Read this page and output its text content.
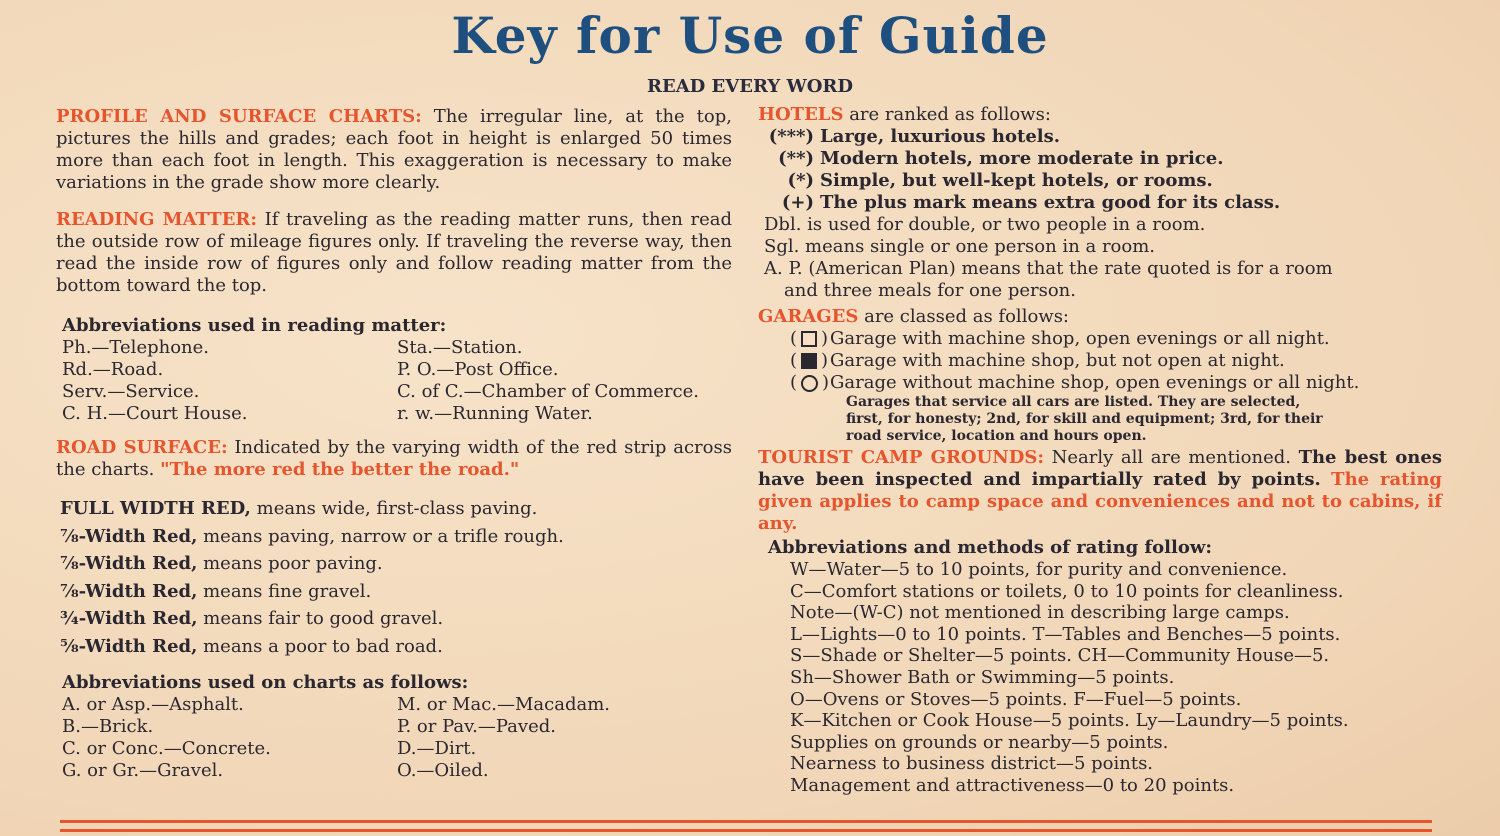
Key for Use of Guide
READ EVERY WORD

PROFILE AND SURFACE CHARTS: The irregular line, at the top, pictures the hills and grades; each foot in height is enlarged 50 times more than each foot in length. This exaggeration is necessary to make variations in the grade show more clearly.

READING MATTER: If traveling as the reading matter runs, then read the outside row of mileage figures only. If traveling the reverse way, then read the inside row of figures only and follow reading matter from the bottom toward the top.

Abbreviations used in reading matter:

Ph.—Telephone.	Sta.—Station.
Rd.—Road.	P. O.—Post Office.
Serv.—Service.	C. of C.—Chamber of Commerce.
C. H.—Court House.	r. w.—Running Water.

ROAD SURFACE: Indicated by the varying width of the red strip across the charts. "The more red the better the road."

FULL WIDTH RED, means wide, first-class paving.

⅞-Width Red, means paving, narrow or a trifle rough.

⅞-Width Red, means poor paving.

⅞-Width Red, means fine gravel.

¾-Width Red, means fair to good gravel.

⅝-Width Red, means a poor to bad road.

Abbreviations used on charts as follows:

A. or Asp.—Asphalt.	M. or Mac.—Macadam.
B.—Brick.	P. or Pav.—Paved.
C. or Conc.—Concrete.	D.—Dirt.
G. or Gr.—Gravel.	O.—Oiled.

HOTELS are ranked as follows:

(***) Large, luxurious hotels.
(**) Modern hotels, more moderate in price.
(*) Simple, but well-kept hotels, or rooms.
(+) The plus mark means extra good for its class.

Dbl. is used for double, or two people in a room.

Sgl. means single or one person in a room.

A. P. (American Plan) means that the rate quoted is for a room

and three meals for one person.

GARAGES are classed as follows:

( ) Garage with machine shop, open evenings or all night.
( ) Garage with machine shop, but not open at night.
( ) Garage without machine shop, open evenings or all night.
Garages that service all cars are listed. They are selected,
first, for honesty; 2nd, for skill and equipment; 3rd, for their
road service, location and hours open.

TOURIST CAMP GROUNDS: Nearly all are mentioned. The best ones have been inspected and impartially rated by points. The rating given applies to camp space and conveniences and not to cabins, if any.

Abbreviations and methods of rating follow:

W—Water—5 to 10 points, for purity and convenience.
C—Comfort stations or toilets, 0 to 10 points for cleanliness.
Note—(W-C) not mentioned in describing large camps.
L—Lights—0 to 10 points. T—Tables and Benches—5 points.
S—Shade or Shelter—5 points. CH—Community House—5.
Sh—Shower Bath or Swimming—5 points.
O—Ovens or Stoves—5 points. F—Fuel—5 points.
K—Kitchen or Cook House—5 points. Ly—Laundry—5 points.
Supplies on grounds or nearby—5 points.
Nearness to business district—5 points.
Management and attractiveness—0 to 20 points.
